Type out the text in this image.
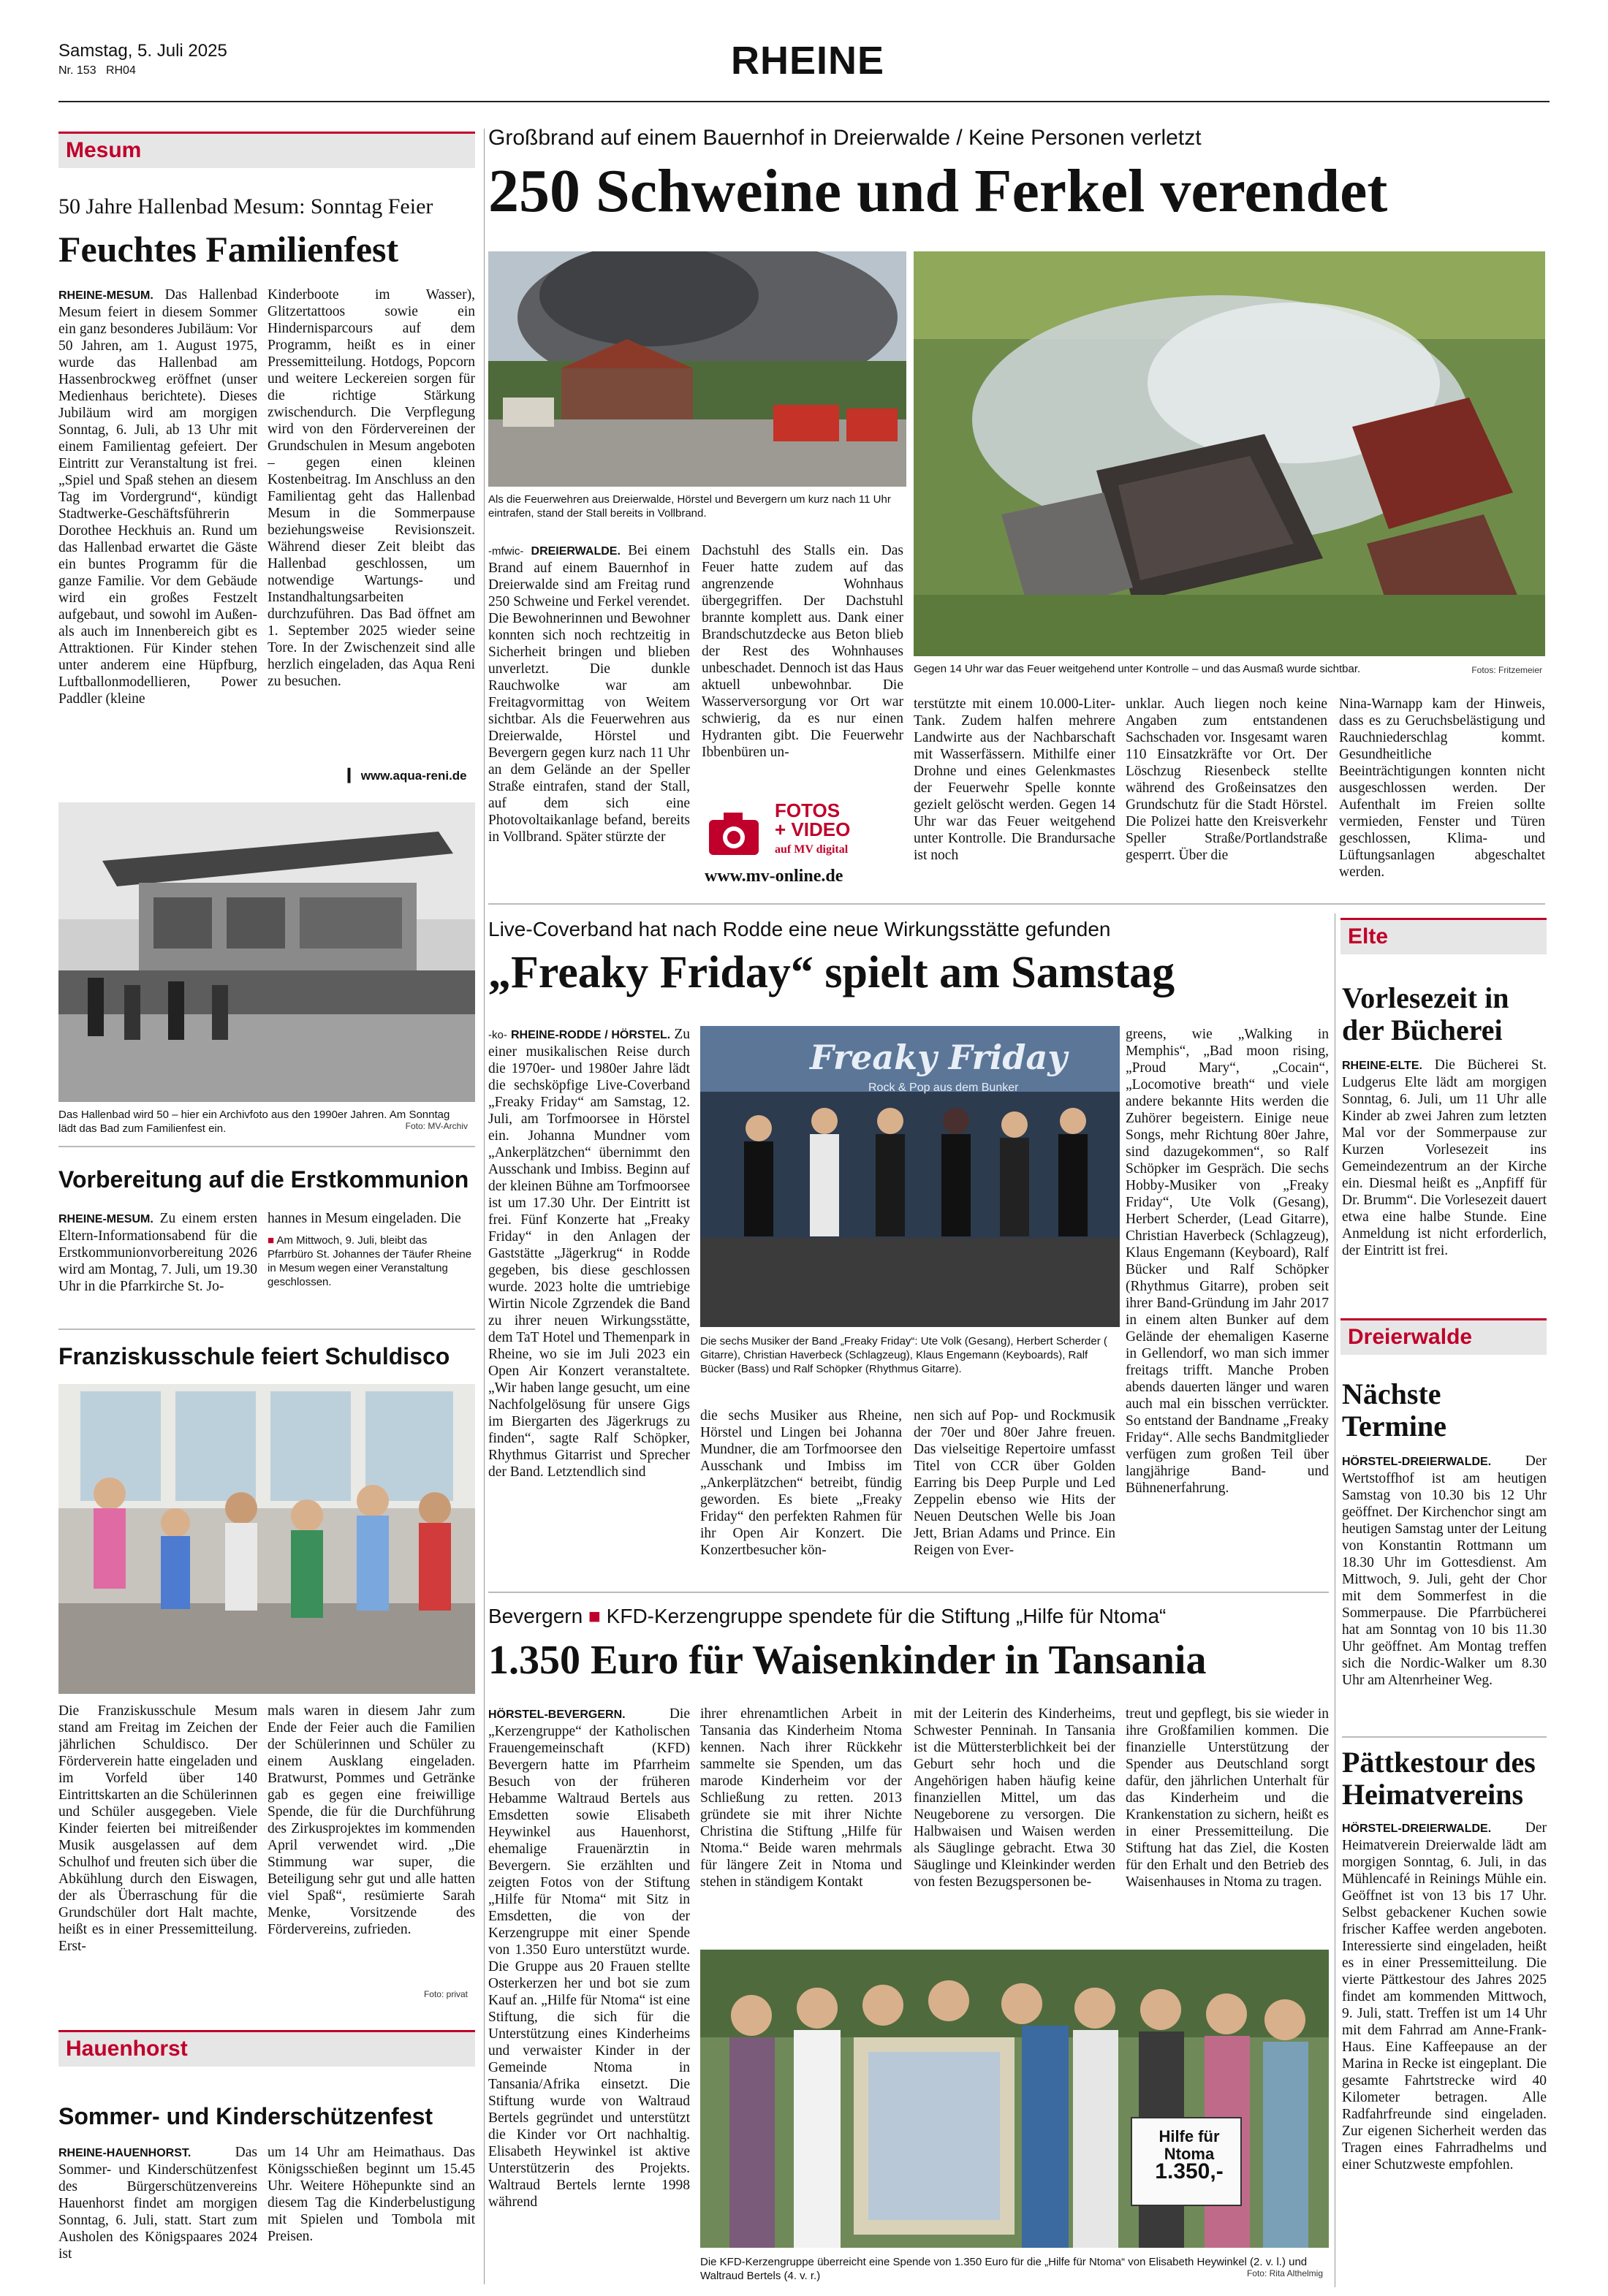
Samstag, 5. Juli 2025
Nr. 153 RH04	RHEINE
Mesum
50 Jahre Hallenbad Mesum: Sonntag Feier
Feuchtes Familienfest
RHEINE-MESUM. Das Hallenbad Mesum feiert in diesem Sommer ein ganz besonderes Jubiläum: Vor 50 Jahren, am 1. August 1975, wurde das Hallenbad am Hassenbrockweg eröffnet (unser Medienhaus berichtete). Dieses Jubiläum wird am morgigen Sonntag, 6. Juli, ab 13 Uhr mit einem Familientag gefeiert. Der Eintritt zur Veranstaltung ist frei. „Spiel und Spaß stehen an diesem Tag im Vordergrund“, kündigt Stadtwerke-Geschäftsführerin Dorothee Heckhuis an. Rund um das Hallenbad erwartet die Gäste ein buntes Programm für die ganze Familie. Vor dem Gebäude wird ein großes Festzelt aufgebaut, und sowohl im Außen- als auch im Innenbereich gibt es Attraktionen. Für Kinder stehen unter anderem eine Hüpfburg, Luftballonmodellieren, Power Paddler (kleine
Kinderboote im Wasser), Glitzertattoos sowie ein Hindernisparcours auf dem Programm, heißt es in einer Pressemitteilung. Hotdogs, Popcorn und weitere Leckereien sorgen für die richtige Stärkung zwischendurch. Die Verpflegung wird von den Fördervereinen der Grundschulen in Mesum angeboten – gegen einen kleinen Kostenbeitrag. Im Anschluss an den Familientag geht das Hallenbad Mesum in die Sommerpause beziehungsweise Revisionszeit. Während dieser Zeit bleibt das Hallenbad geschlossen, um notwendige Wartungs- und Instandhaltungsarbeiten durchzuführen. Das Bad öffnet am 1. September 2025 wieder seine Tore. In der Zwischenzeit sind alle herzlich eingeladen, das Aqua Reni zu besuchen.
▎ www.aqua-reni.de
Das Hallenbad wird 50 – hier ein Archivfoto aus den 1990er Jahren. Am Sonntag lädt das Bad zum Familienfest ein.	Foto: MV-Archiv
Vorbereitung auf die Erstkommunion
RHEINE-MESUM. Zu einem ersten Eltern-Informationsabend für die Erstkommunionvorbereitung 2026 wird am Montag, 7. Juli, um 19.30 Uhr in die Pfarrkirche St. Jo-
hannes in Mesum eingeladen. Die
■ Am Mittwoch, 9. Juli, bleibt das Pfarrbüro St. Johannes der Täufer Rheine in Mesum wegen einer Veranstaltung geschlossen.
Franziskusschule feiert Schuldisco
Die Franziskusschule Mesum stand am Freitag im Zeichen der jährlichen Schuldisco. Der Förderverein hatte eingeladen und im Vorfeld über 140 Eintrittskarten an die Schülerinnen und Schüler ausgegeben. Viele Kinder feierten bei mitreißender Musik ausgelassen auf dem Schulhof und freuten sich über die Abkühlung durch den Eiswagen, der als Überraschung für die Grundschüler dort Halt machte, heißt es in einer Pressemitteilung. Erst-
mals waren in diesem Jahr zum Ende der Feier auch die Familien der Schülerinnen und Schüler zu einem Ausklang eingeladen. Bratwurst, Pommes und Getränke gab es gegen eine freiwillige Spende, die für die Durchführung des Zirkusprojektes im kommenden April verwendet wird. „Die Stimmung war super, die Beteiligung sehr gut und alle hatten viel Spaß“, resümierte Sarah Menke, Vorsitzende des Fördervereins, zufrieden.
Foto: privat
Hauenhorst
Sommer- und Kinderschützenfest
RHEINE-HAUENHORST.	Das Sommer- und Kinderschützenfest des Bürgerschützenvereins Hauenhorst findet am morgigen Sonntag, 6. Juli, statt. Start zum Ausholen des Königspaares 2024 ist
um 14 Uhr am Heimathaus. Das Königsschießen beginnt um 15.45 Uhr. Weitere Höhepunkte sind an diesem Tag die Kinderbelustigung mit Spielen und Tombola mit Preisen.
Großbrand auf einem Bauernhof in Dreierwalde / Keine Personen verletzt
250 Schweine und Ferkel verendet
Als die Feuerwehren aus Dreierwalde, Hörstel und Bevergern um kurz nach 11 Uhr eintrafen, stand der Stall bereits in Vollbrand.
Gegen 14 Uhr war das Feuer weitgehend unter Kontrolle – und das Ausmaß wurde sichtbar.	Fotos: Fritzemeier
-mfwic- DREIERWALDE. Bei einem Brand auf einem Bauernhof in Dreierwalde sind am Freitag rund 250 Schweine und Ferkel verendet. Die Bewohnerinnen und Bewohner konnten sich noch rechtzeitig in Sicherheit bringen und blieben unverletzt. Die dunkle Rauchwolke war am Freitagvormittag von Weitem sichtbar. Als die Feuerwehren aus Dreierwalde, Hörstel und Bevergern gegen kurz nach 11 Uhr an dem Gelände an der Speller Straße eintrafen, stand der Stall, auf dem sich eine Photovoltaikanlage befand, bereits in Vollbrand. Später stürzte der
Dachstuhl des Stalls ein. Das Feuer hatte zudem auf das angrenzende Wohnhaus übergegriffen. Der Dachstuhl brannte komplett aus. Dank einer Brandschutzdecke aus Beton blieb der Rest des Wohnhauses unbeschadet. Dennoch ist das Haus aktuell unbewohnbar. Die Wasserversorgung vor Ort war schwierig, da es nur einen Hydranten gibt. Die Feuerwehr Ibbenbüren un-
FOTOS
+ VIDEO
auf MV digital
www.mv-online.de
terstützte mit einem 10.000-Liter-Tank. Zudem halfen mehrere Landwirte aus der Nachbarschaft mit Wasserfässern. Mithilfe einer Drohne und eines Gelenkmastes der Feuerwehr Spelle konnte gezielt gelöscht werden. Gegen 14 Uhr war das Feuer weitgehend unter Kontrolle. Die Brandursache ist noch
unklar. Auch liegen noch keine Angaben zum entstandenen Sachschaden vor. Insgesamt waren 110 Einsatzkräfte vor Ort. Der Löschzug Riesenbeck stellte während des Großeinsatzes den Grundschutz für die Stadt Hörstel. Die Polizei hatte den Kreisverkehr Speller Straße/Portlandstraße gesperrt. Über die
Nina-Warnapp kam der Hinweis, dass es zu Geruchsbelästigung und Rauchniederschlag kommt. Gesundheitliche Beeinträchtigungen konnten nicht ausgeschlossen werden. Der Aufenthalt im Freien sollte vermieden, Fenster und Türen geschlossen, Klima- und Lüftungsanlagen abgeschaltet werden.
Live-Coverband hat nach Rodde eine neue Wirkungsstätte gefunden
„Freaky Friday“ spielt am Samstag
-ko- RHEINE-RODDE / HÖRSTEL. Zu einer musikalischen Reise durch die 1970er- und 1980er Jahre lädt die sechsköpfige Live-Coverband „Freaky Friday“ am Samstag, 12. Juli, am Torfmoorsee in Hörstel ein. Johanna Mundner vom „Ankerplätzchen“ übernimmt den Ausschank und Imbiss. Beginn auf der kleinen Bühne am Torfmoorsee ist um 17.30 Uhr. Der Eintritt ist frei. Fünf Konzerte hat „Freaky Friday“ in den Anlagen der Gaststätte „Jägerkrug“ in Rodde gegeben, bis diese geschlossen wurde. 2023 holte die umtriebige Wirtin Nicole Zgrzendek die Band zu ihrer neuen Wirkungsstätte, dem TaT Hotel und Themenpark in Rheine, wo sie im Juli 2023 ein Open Air Konzert veranstaltete. „Wir haben lange gesucht, um eine Nachfolgelösung für unsere Gigs im Biergarten des Jägerkrugs zu finden“, sagte Ralf Schöpker, Rhythmus Gitarrist und Sprecher der Band. Letztendlich sind
Freaky Friday
Rock & Pop aus dem Bunker
Die sechs Musiker der Band „Freaky Friday“: Ute Volk (Gesang), Herbert Scherder ( Gitarre), Christian Haverbeck (Schlagzeug), Klaus Engemann (Keyboards), Ralf Bücker (Bass) und Ralf Schöpker (Rhythmus Gitarre).
die sechs Musiker aus Rheine, Hörstel und Lingen bei Johanna Mundner, die am Torfmoorsee den Ausschank und Imbiss im „Ankerplätzchen“ betreibt, fündig geworden. Es biete „Freaky Friday“ den perfekten Rahmen für ihr Open Air Konzert. Die Konzertbesucher kön-
nen sich auf Pop- und Rockmusik der 70er und 80er Jahre freuen. Das vielseitige Repertoire umfasst Titel von CCR über Golden Earring bis Deep Purple und Led Zeppelin ebenso wie Hits der Neuen Deutschen Welle bis Joan Jett, Brian Adams und Prince. Ein Reigen von Ever-
greens, wie „Walking in Memphis“, „Bad moon rising, „Proud Mary“, „Cocain“, „Locomotive breath“ und viele andere bekannte Hits werden die Zuhörer begeistern. Einige neue Songs, mehr Richtung 80er Jahre, sind dazugekommen“, so Ralf Schöpker im Gespräch. Die sechs Hobby-Musiker von „Freaky Friday“, Ute Volk (Gesang), Herbert Scherder, (Lead Gitarre), Christian Haverbeck (Schlagzeug), Klaus Engemann (Keyboard), Ralf Bücker und Ralf Schöpker (Rhythmus Gitarre), proben seit ihrer Band-Gründung im Jahr 2017 in einem alten Bunker auf dem Gelände der ehemaligen Kaserne in Gellendorf, wo man sich immer freitags trifft. Manche Proben abends dauerten länger und waren auch mal ein bisschen verrückter. So entstand der Bandname „Freaky Friday“. Alle sechs Bandmitglieder verfügen zum großen Teil über langjährige Band- und Bühnenerfahrung.
Bevergern ■ KFD-Kerzengruppe spendete für die Stiftung „Hilfe für Ntoma“
1.350 Euro für Waisenkinder in Tansania
HÖRSTEL-BEVERGERN.	Die „Kerzengruppe“ der Katholischen Frauengemeinschaft (KFD) Bevergern hatte im Pfarrheim Besuch von der früheren Hebamme Waltraud Bertels aus Emsdetten sowie Elisabeth Heywinkel aus Hauenhorst, ehemalige Frauenärztin in Bevergern. Sie erzählten und zeigten Fotos von der Stiftung „Hilfe für Ntoma“ mit Sitz in Emsdetten, die von der Kerzengruppe mit einer Spende von 1.350 Euro unterstützt wurde. Die Gruppe aus 20 Frauen stellte Osterkerzen her und bot sie zum Kauf an. „Hilfe für Ntoma“ ist eine Stiftung, die sich für die Unterstützung eines Kinderheims und verwaister Kinder in der Gemeinde Ntoma in Tansania/Afrika einsetzt. Die Stiftung wurde von Waltraud Bertels gegründet und unterstützt die Kinder vor Ort nachhaltig. Elisabeth Heywinkel ist aktive Unterstützerin des Projekts. Waltraud Bertels lernte 1998 während
ihrer ehrenamtlichen Arbeit in Tansania das Kinderheim Ntoma kennen. Nach ihrer Rückkehr sammelte sie Spenden, um das marode Kinderheim vor der Schließung zu retten. 2013 gründete sie mit ihrer Nichte Christina die Stiftung „Hilfe für Ntoma.“ Beide waren mehrmals für längere Zeit in Ntoma und stehen in ständigem Kontakt
mit der Leiterin des Kinderheims, Schwester Penninah. In Tansania ist die Müttersterblichkeit bei der Geburt sehr hoch und die Angehörigen haben häufig keine finanziellen Mittel, um das Neugeborene zu versorgen. Die Halbwaisen und Waisen werden als Säuglinge gebracht. Etwa 30 Säuglinge und Kleinkinder werden von festen Bezugspersonen be-
treut und gepflegt, bis sie wieder in ihre Großfamilien kommen. Die finanzielle Unterstützung der Spender aus Deutschland sorgt dafür, den jährlichen Unterhalt für das Kinderheim und die Krankenstation zu sichern, heißt es in einer Pressemitteilung. Die Stiftung hat das Ziel, die Kosten für den Erhalt und den Betrieb des Waisenhauses in Ntoma zu tragen.
Hilfe für
Ntoma
1.350,-
Die KFD-Kerzengruppe überreicht eine Spende von 1.350 Euro für die „Hilfe für Ntoma“ von Elisabeth Heywinkel (2. v. l.) und Waltraud Bertels (4. v. r.)	Foto: Rita Althelmig
Elte
Vorlesezeit in der Bücherei
RHEINE-ELTE. Die Bücherei St. Ludgerus Elte lädt am morgigen Sonntag, 6. Juli, um 11 Uhr alle Kinder ab zwei Jahren zum letzten Mal vor der Sommerpause zur Kurzen Vorlesezeit ins Gemeindezentrum an der Kirche ein. Diesmal heißt es „Anpfiff für Dr. Brumm“. Die Vorlesezeit dauert etwa eine halbe Stunde. Eine Anmeldung ist nicht erforderlich, der Eintritt ist frei.
Dreierwalde
Nächste Termine
HÖRSTEL-DREIERWALDE. Der Wertstoffhof ist am heutigen Samstag von 10.30 bis 12 Uhr geöffnet. Der Kirchenchor singt am heutigen Samstag unter der Leitung von Konstantin Rottmann um 18.30 Uhr im Gottesdienst. Am Mittwoch, 9. Juli, geht der Chor mit dem Sommerfest in die Sommerpause. Die Pfarrbücherei hat am Sonntag von 10 bis 11.30 Uhr geöffnet. Am Montag treffen sich die Nordic-Walker um 8.30 Uhr am Altenrheiner Weg.
Pättkestour des Heimatvereins
HÖRSTEL-DREIERWALDE. Der Heimatverein Dreierwalde lädt am morgigen Sonntag, 6. Juli, in das Mühlencafé in Reinings Mühle ein. Geöffnet ist von 13 bis 17 Uhr. Selbst gebackener Kuchen sowie frischer Kaffee werden angeboten. Interessierte sind eingeladen, heißt es in einer Pressemitteilung. Die vierte Pättkestour des Jahres 2025 findet am kommenden Mittwoch, 9. Juli, statt. Treffen ist um 14 Uhr mit dem Fahrrad am Anne-Frank-Haus. Eine Kaffeepause an der Marina in Recke ist eingeplant. Die gesamte Fahrtstrecke wird 40 Kilometer betragen. Alle Radfahrfreunde sind eingeladen. Zur eigenen Sicherheit werden das Tragen eines Fahrradhelms und einer Schutzweste empfohlen.
